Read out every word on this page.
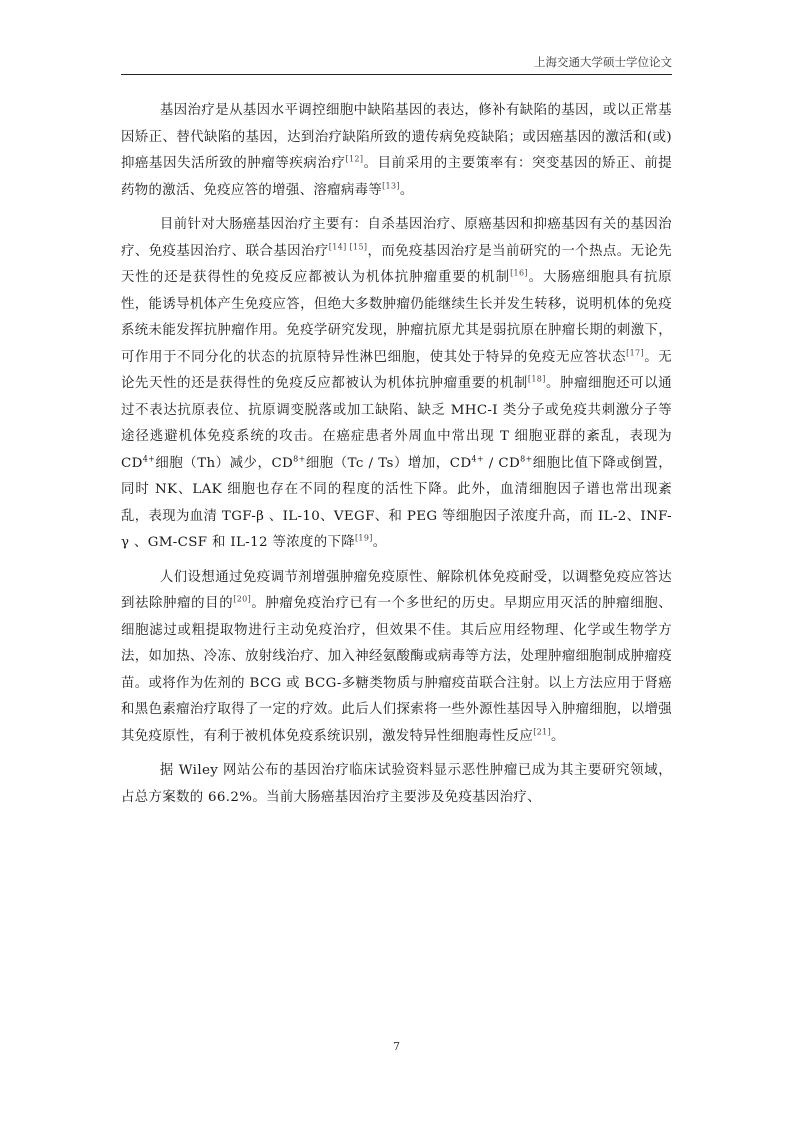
上海交通大学硕士学位论文

基因治疗是从基因水平调控细胞中缺陷基因的表达，修补有缺陷的基因，或以正常基因矫正、替代缺陷的基因，达到治疗缺陷所致的遗传病免疫缺陷；或因癌基因的激活和(或)抑癌基因失活所致的肿瘤等疾病治疗[12]。目前采用的主要策率有：突变基因的矫正、前提药物的激活、免疫应答的增强、溶瘤病毒等[13]。

目前针对大肠癌基因治疗主要有：自杀基因治疗、原癌基因和抑癌基因有关的基因治疗、免疫基因治疗、联合基因治疗[14] [15]，而免疫基因治疗是当前研究的一个热点。无论先天性的还是获得性的免疫反应都被认为机体抗肿瘤重要的机制[16]。大肠癌细胞具有抗原性，能诱导机体产生免疫应答，但绝大多数肿瘤仍能继续生长并发生转移，说明机体的免疫系统未能发挥抗肿瘤作用。免疫学研究发现，肿瘤抗原尤其是弱抗原在肿瘤长期的刺激下，可作用于不同分化的状态的抗原特异性淋巴细胞，使其处于特异的免疫无应答状态[17]。无论先天性的还是获得性的免疫反应都被认为机体抗肿瘤重要的机制[18]。肿瘤细胞还可以通过不表达抗原表位、抗原调变脱落或加工缺陷、缺乏 MHC-I 类分子或免疫共刺激分子等途径逃避机体免疫系统的攻击。在癌症患者外周血中常出现 T 细胞亚群的紊乱，表现为 $CD^{4+}$细胞（Th）减少，$CD^{8+}$细胞（Tc / Ts）增加，$CD^{4+} / CD^{8+}$细胞比值下降或倒置，同时 NK、LAK 细胞也存在不同的程度的活性下降。此外，血清细胞因子谱也常出现紊乱，表现为血清 TGF-β 、IL-10、VEGF、和 PEG 等细胞因子浓度升高，而 IL-2、INF-γ 、GM-CSF 和 IL-12 等浓度的下降[19]。

人们设想通过免疫调节剂增强肿瘤免疫原性、解除机体免疫耐受，以调整免疫应答达到祛除肿瘤的目的[20]。肿瘤免疫治疗已有一个多世纪的历史。早期应用灭活的肿瘤细胞、细胞滤过或粗提取物进行主动免疫治疗，但效果不佳。其后应用经物理、化学或生物学方法，如加热、冷冻、放射线治疗、加入神经氨酸酶或病毒等方法，处理肿瘤细胞制成肿瘤疫苗。或将作为佐剂的 BCG 或 BCG-多糖类物质与肿瘤疫苗联合注射。以上方法应用于肾癌和黑色素瘤治疗取得了一定的疗效。此后人们探索将一些外源性基因导入肿瘤细胞，以增强其免疫原性，有利于被机体免疫系统识别，激发特异性细胞毒性反应[21]。

据 Wiley 网站公布的基因治疗临床试验资料显示恶性肿瘤已成为其主要研究领域，占总方案数的 66.2%。当前大肠癌基因治疗主要涉及免疫基因治疗、

7
